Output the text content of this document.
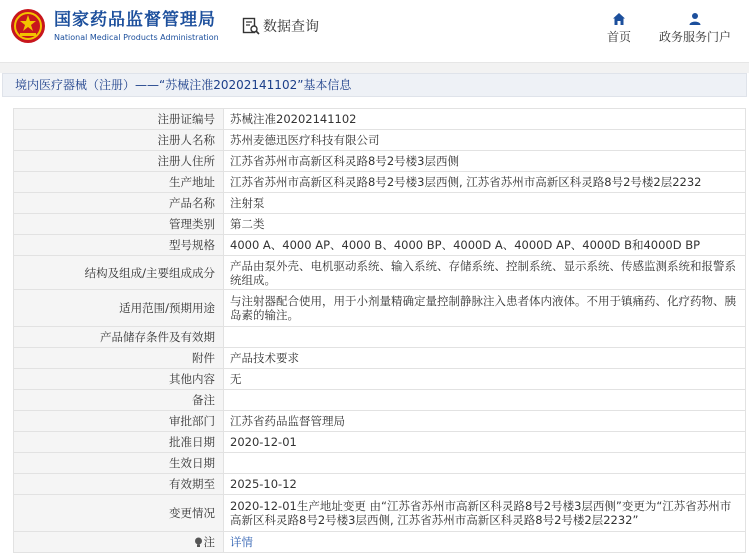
国家药品监督管理局
National Medical Products Administration
数据查询
首页	政务服务门户
境内医疗器械（注册）——“苏械注准20202141102”基本信息
注册证编号	苏械注准20202141102
注册人名称	苏州麦德迅医疗科技有限公司
注册人住所	江苏省苏州市高新区科灵路8号2号楼3层西侧
生产地址	江苏省苏州市高新区科灵路8号2号楼3层西侧, 江苏省苏州市高新区科灵路8号2号楼2层2232
产品名称	注射泵
管理类别	第二类
型号规格	4000 A、4000 AP、4000 B、4000 BP、4000D A、4000D AP、4000D B和4000D BP
结构及组成/主要组成成分	产品由泵外壳、电机驱动系统、输入系统、存储系统、控制系统、显示系统、传感监测系统和报警系统组成。
适用范围/预期用途	与注射器配合使用，用于小剂量精确定量控制静脉注入患者体内液体。不用于镇痛药、化疗药物、胰岛素的输注。
产品储存条件及有效期	
附件	产品技术要求
其他内容	无
备注	
审批部门	江苏省药品监督管理局
批准日期	2020-12-01
生效日期	
有效期至	2025-10-12
变更情况	2020-12-01生产地址变更 由“江苏省苏州市高新区科灵路8号2号楼3层西侧”变更为“江苏省苏州市高新区科灵路8号2号楼3层西侧, 江苏省苏州市高新区科灵路8号2号楼2层2232”
注	详情
